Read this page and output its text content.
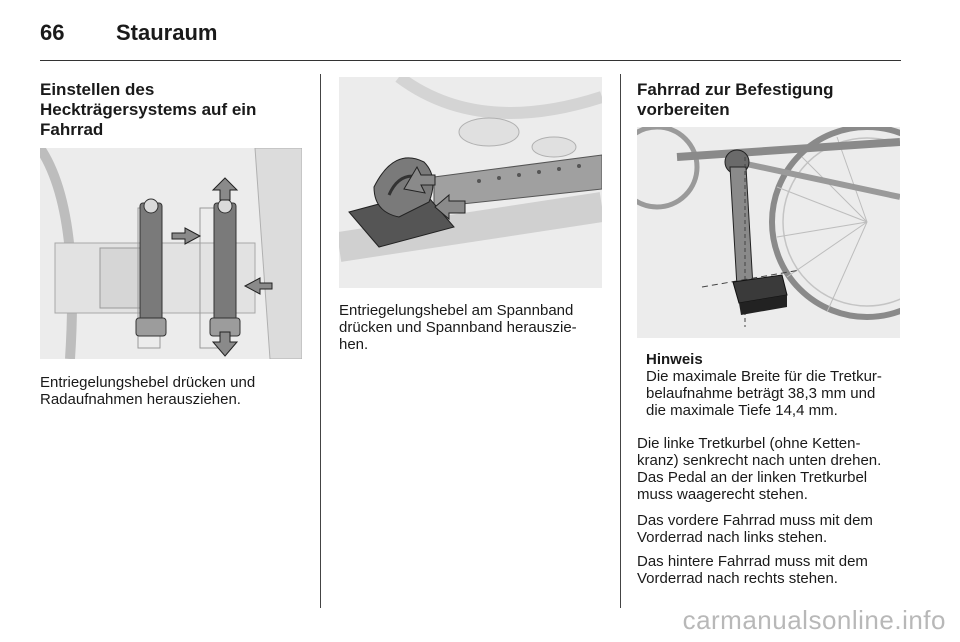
66 Stauraum
Einstellen des
Heckträgersystems auf ein
Fahrrad

Entriegelungshebel drücken und
Radaufnahmen herausziehen.

Entriegelungshebel am Spannband
drücken und Spannband herauszie-
hen.

Fahrrad zur Befestigung
vorbereiten
Hinweis
Die maximale Breite für die Tretkur-
belaufnahme beträgt 38,3 mm und
die maximale Tiefe 14,4 mm.

Die linke Tretkurbel (ohne Ketten-
kranz) senkrecht nach unten drehen.
Das Pedal an der linken Tretkurbel
muss waagerecht stehen.

Das vordere Fahrrad muss mit dem
Vorderrad nach links stehen.

Das hintere Fahrrad muss mit dem
Vorderrad nach rechts stehen.

carmanualsonline.info
